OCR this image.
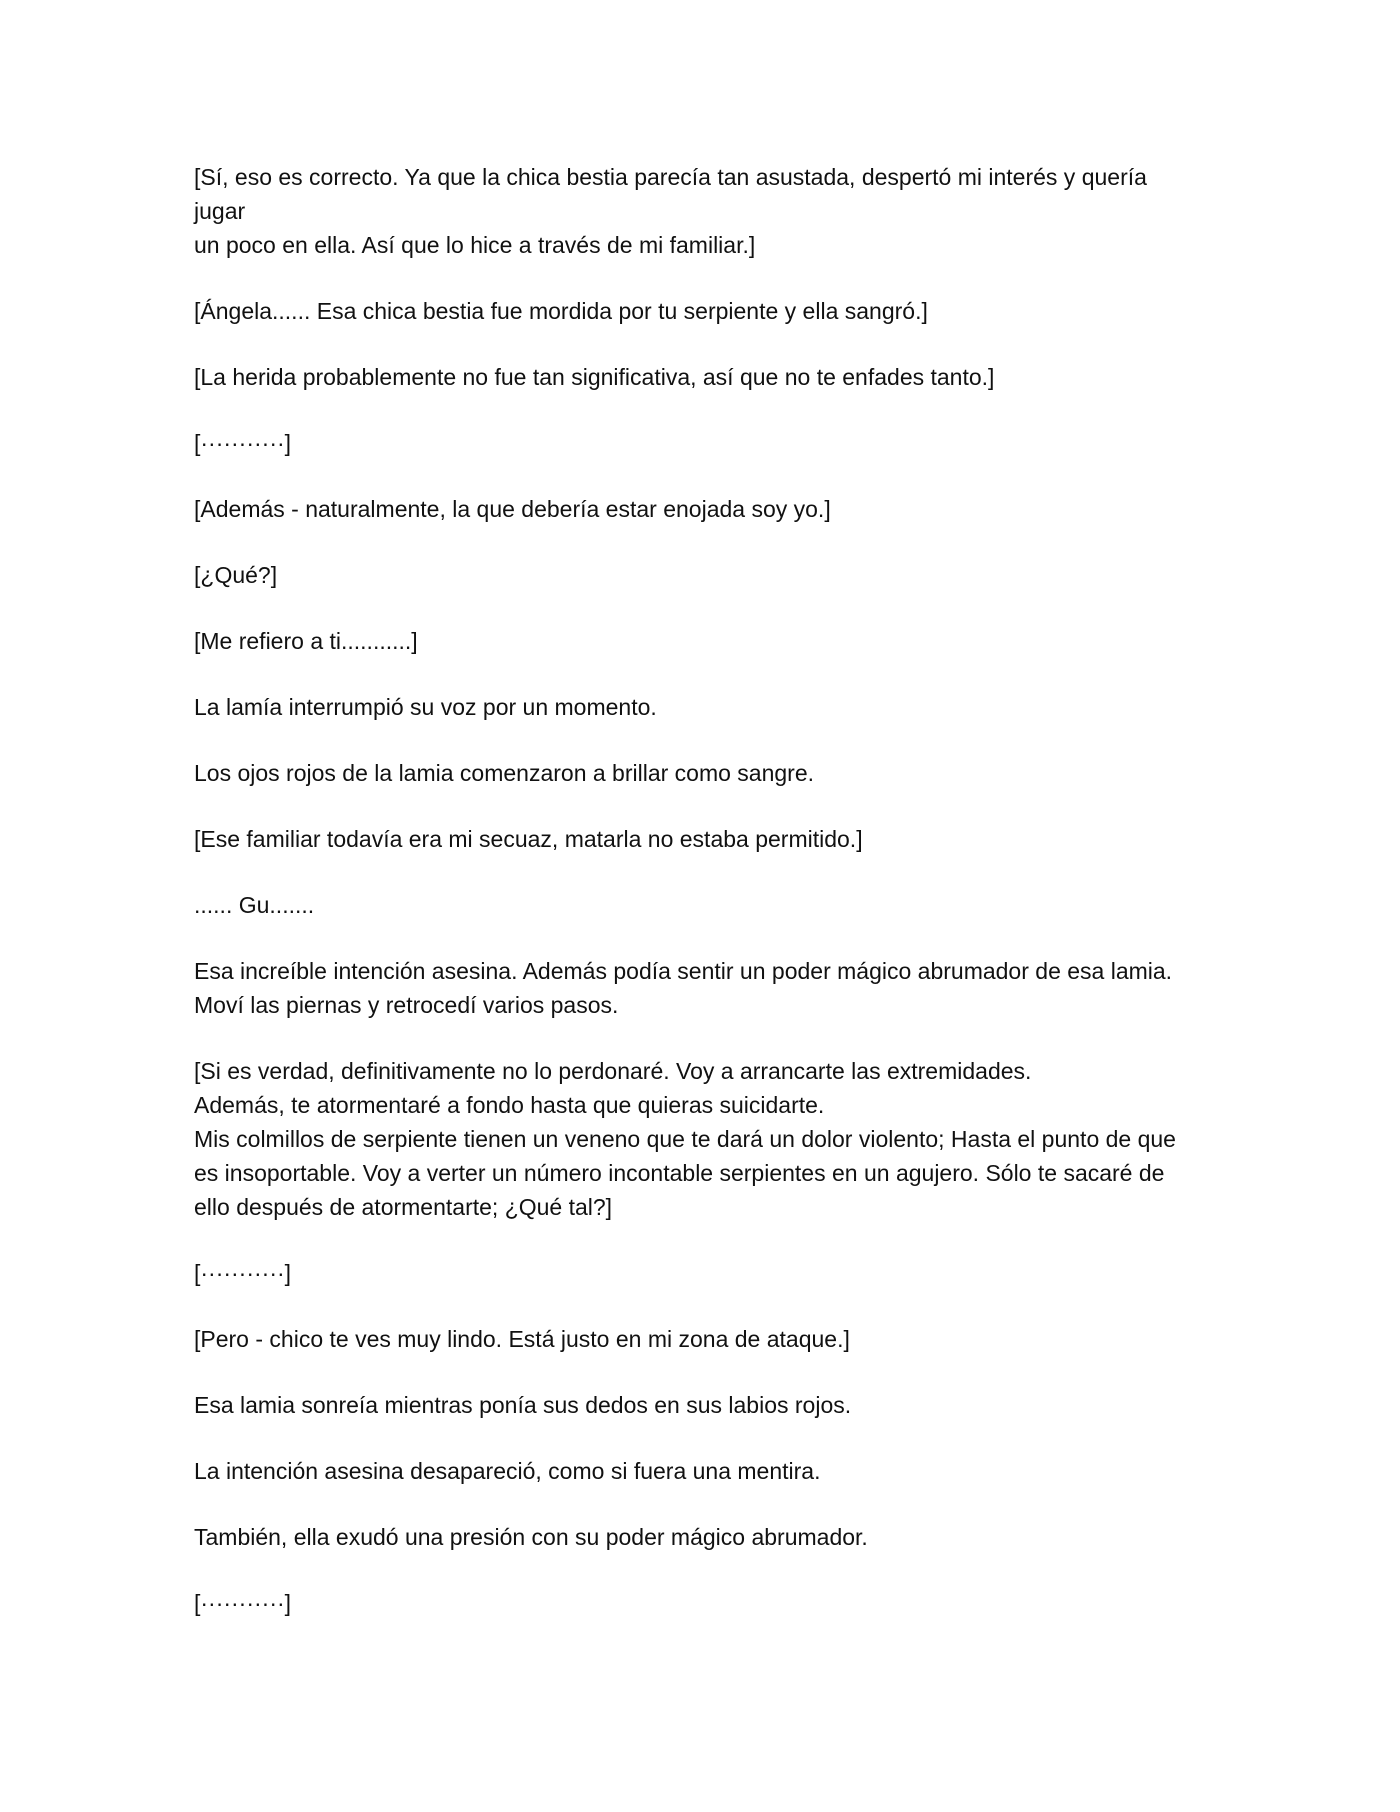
[Sí, eso es correcto. Ya que la chica bestia parecía tan asustada, despertó mi interés y quería jugar
un poco en ella. Así que lo hice a través de mi familiar.]

[Ángela...... Esa chica bestia fue mordida por tu serpiente y ella sangró.]

[La herida probablemente no fue tan significativa, así que no te enfades tanto.]

[···········]

[Además - naturalmente, la que debería estar enojada soy yo.]

[¿Qué?]

[Me refiero a ti...........]

La lamía interrumpió su voz por un momento.

Los ojos rojos de la lamia comenzaron a brillar como sangre.

[Ese familiar todavía era mi secuaz, matarla no estaba permitido.]

...... Gu.......

Esa increíble intención asesina. Además podía sentir un poder mágico abrumador de esa lamia.
Moví las piernas y retrocedí varios pasos.

[Si es verdad, definitivamente no lo perdonaré. Voy a arrancarte las extremidades.
Además, te atormentaré a fondo hasta que quieras suicidarte.
Mis colmillos de serpiente tienen un veneno que te dará un dolor violento; Hasta el punto de que
es insoportable. Voy a verter un número incontable serpientes en un agujero. Sólo te sacaré de
ello después de atormentarte; ¿Qué tal?]

[···········]

[Pero - chico te ves muy lindo. Está justo en mi zona de ataque.]

Esa lamia sonreía mientras ponía sus dedos en sus labios rojos.

La intención asesina desapareció, como si fuera una mentira.

También, ella exudó una presión con su poder mágico abrumador.

[···········]
